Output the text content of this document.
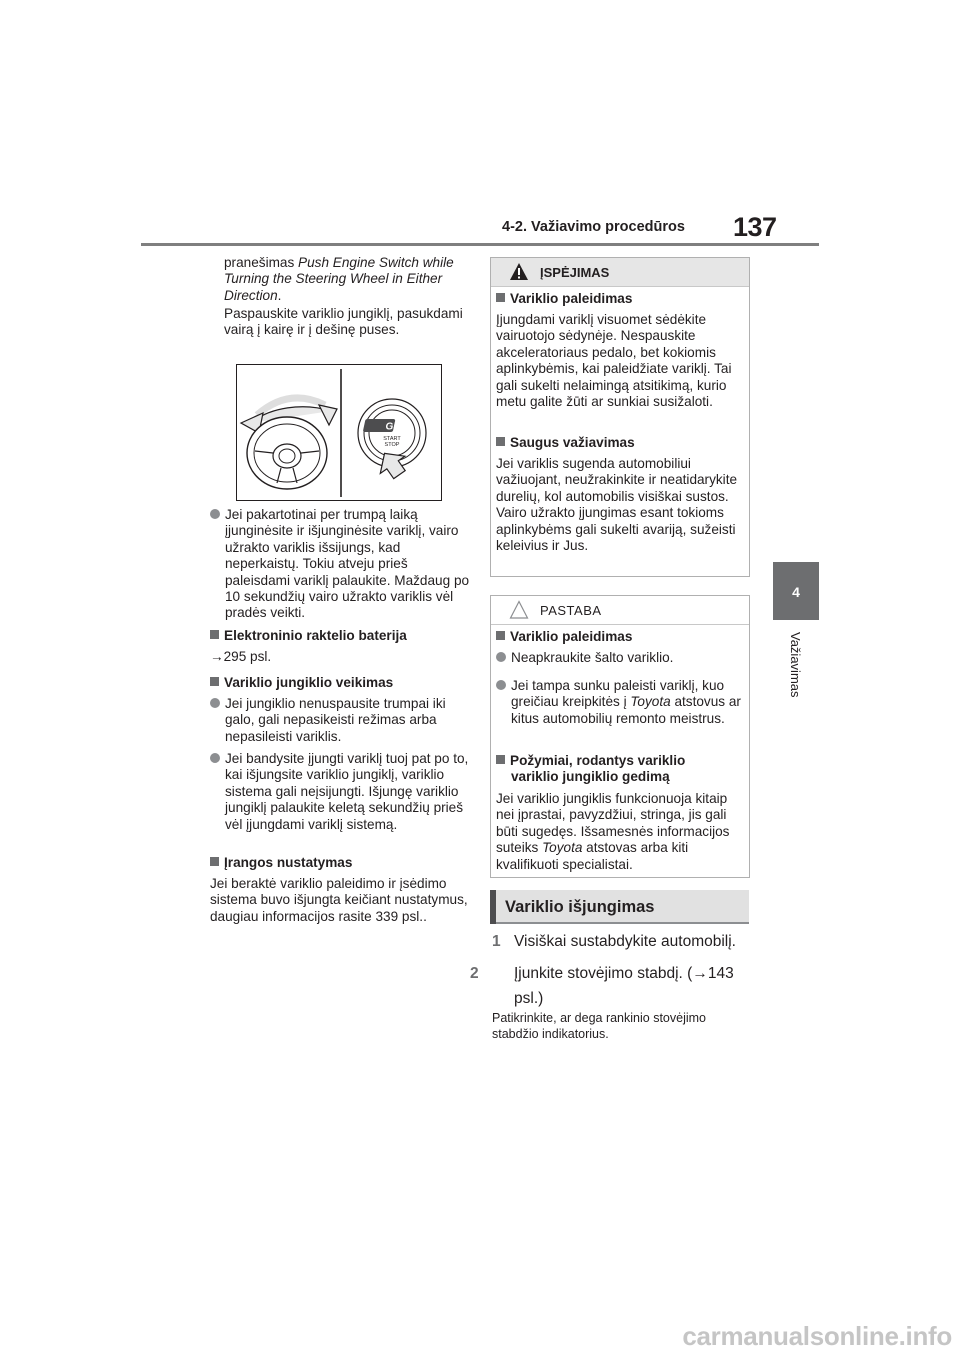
4-2. Važiavimo procedūros 137
4
Važiavimas
pranešimas Push Engine Switch while Turning the Steering Wheel in Either Direction.
Paspauskite variklio jungiklį, pasukdami vairą į kairę ir į dešinę puses.
GR
START
STOP
Jei pakartotinai per trumpą laiką įjunginėsite ir išjunginėsite variklį, vairo užrakto variklis išsijungs, kad neperkaistų. Tokiu atveju prieš paleisdami variklį palaukite. Maždaug po 10 sekundžių vairo užrakto variklis vėl pradės veikti.
Elektroninio raktelio baterija
→295 psl.
Variklio jungiklio veikimas
Jei jungiklio nenuspausite trumpai iki galo, gali nepasikeisti režimas arba nepasileisti variklis.
Jei bandysite įjungti variklį tuoj pat po to, kai išjungsite variklio jungiklį, variklio sistema gali neįsijungti. Išjungę variklio jungiklį palaukite keletą sekundžių prieš vėl įjungdami variklį sistemą.
Įrangos nustatymas
Jei beraktė variklio paleidimo ir įsėdimo sistema buvo išjungta keičiant nustatymus, daugiau informacijos rasite 339 psl..
ĮSPĖJIMAS
Variklio paleidimas
Įjungdami variklį visuomet sėdėkite vairuotojo sėdynėje. Nespauskite akceleratoriaus pedalo, bet kokiomis aplinkybėmis, kai paleidžiate variklį. Tai gali sukelti nelaimingą atsitikimą, kurio metu galite žūti ar sunkiai susižaloti.
Saugus važiavimas
Jei variklis sugenda automobiliui važiuojant, neužrakinkite ir neatidarykite durelių, kol automobilis visiškai sustos. Vairo užrakto įjungimas esant tokioms aplinkybėms gali sukelti avariją, sužeisti keleivius ir Jus.
PASTABA
Variklio paleidimas
Neapkraukite šalto variklio.
Jei tampa sunku paleisti variklį, kuo greičiau kreipkitės į Toyota atstovus ar kitus automobilių remonto meistrus.
Požymiai, rodantys variklio variklio jungiklio gedimą
Jei variklio jungiklis funkcionuoja kitaip nei įprastai, pavyzdžiui, stringa, jis gali būti sugedęs. Išsamesnės informacijos suteiks Toyota atstovas arba kiti kvalifikuoti specialistai.
Variklio išjungimas
1 Visiškai sustabdykite automobilį.
2 Įjunkite stovėjimo stabdį. (→143 psl.)
Patikrinkite, ar dega rankinio stovėjimo stabdžio indikatorius.
carmanualsonline.info
